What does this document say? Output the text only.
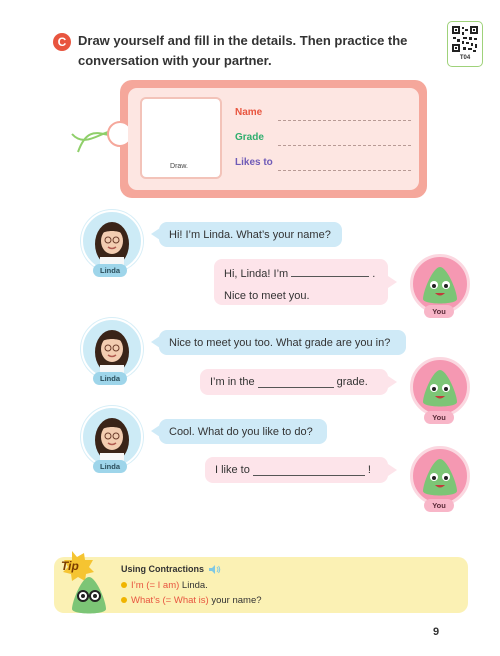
C Draw yourself and fill in the details. Then practice the
conversation with your partner.	T04
Draw.
Name
Grade
Likes to
Linda
Hi! I’m Linda. What’s your name?
Hi, Linda! I’m	.
Nice to meet you.
You
Linda
Nice to meet you too. What grade are you in?
I’m in the	grade.
You
Linda
Cool. What do you like to do?
I like to	!
You
Tip	Using Contractions
I’m (= I am) Linda.
What’s (= What is) your name?
9
